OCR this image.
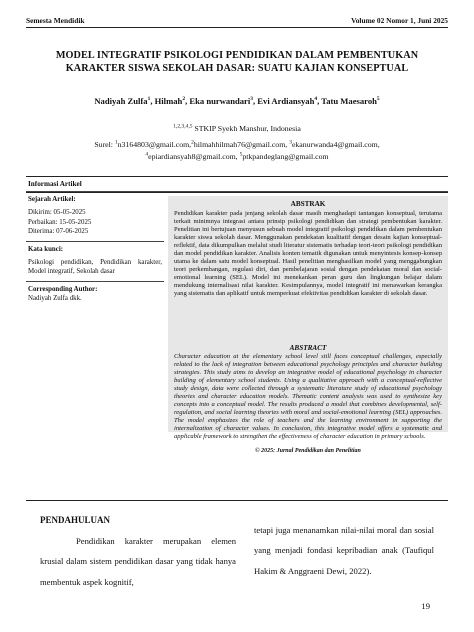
Semesta Mendidik	Volume 02 Nomor 1, Juni 2025
MODEL INTEGRATIF PSIKOLOGI PENDIDIKAN DALAM PEMBENTUKAN
KARAKTER SISWA SEKOLAH DASAR: SUATU KAJIAN KONSEPTUAL
Nadiyah Zulfa$^1$, Hilmah$^2$, Eka nurwandari$^3$, Evi Ardiansyah$^4$, Tatu Maesaroh$^5$
$^{1,2,3,4,5}$ STKIP Syekh Manshur, Indonesia
Surel: $^1$n3164803@gmail.com,$^2$hilmahhilmah76@gmail.com, $^3$ekanurwanda4@gmail.com,
$^4$epiardiansyah8@gmail.com, $^5$ptkpandeglang@gmail.com
Informasi Artikel
Sejarah Artikel:
Dikirim: 05-05-2025
Perbaikan: 15-05-2025
Diterima: 07-06-2025
Kata kunci:
Psikologi pendidikan, Pendidikan karakter, Model integratif, Sekolah dasar
Corresponding Author:
Nadiyah Zulfa dkk.
ABSTRAK

Pendidikan karakter pada jenjang sekolah dasar masih menghadapi tantangan konseptual, terutama terkait minimnya integrasi antara prinsip psikologi pendidikan dan strategi pembentukan karakter. Penelitian ini bertujuan menyusun sebuah model integratif psikologi pendidikan dalam pembentukan karakter siswa sekolah dasar. Menggunakan pendekatan kualitatif dengan desain kajian konseptual-reflektif, data dikumpulkan melalui studi literatur sistematis terhadap teori-teori psikologi pendidikan dan model pendidikan karakter. Analisis konten tematik digunakan untuk menyintesis konsep-konsep utama ke dalam satu model konseptual. Hasil penelitian menghasilkan model yang menggabungkan teori perkembangan, regulasi diri, dan pembelajaran sosial dengan pendekatan moral dan social-emotional learning (SEL). Model ini menekankan peran guru dan lingkungan belajar dalam mendukung internalisasi nilai karakter. Kesimpulannya, model integratif ini menawarkan kerangka yang sistematis dan aplikatif untuk memperkuat efektivitas pendidikan karakter di sekolah dasar.

ABSTRACT

Character education at the elementary school level still faces conceptual challenges, especially related to the lack of integration between educational psychology principles and character building strategies. This study aims to develop an integrative model of educational psychology in character building of elementary school students. Using a qualitative approach with a conceptual-reflective study design, data were collected through a systematic literature study of educational psychology theories and character education models. Thematic content analysis was used to synthesize key concepts into a conceptual model. The results produced a model that combines developmental, self-regulation, and social learning theories with moral and social-emotional learning (SEL) approaches. The model emphasizes the role of teachers and the learning environment in supporting the internalization of character values. In conclusion, this integrative model offers a systematic and applicable framework to strengthen the effectiveness of character education in primary schools.

© 2025: Jurnal Pendidikan dan Penelitian
PENDAHULUAN
Pendidikan karakter merupakan elemen krusial dalam sistem pendidikan dasar yang tidak hanya membentuk aspek kognitif,
tetapi juga menanamkan nilai-nilai moral dan sosial yang menjadi fondasi kepribadian anak (Taufiqul Hakim & Anggraeni Dewi, 2022).
19
